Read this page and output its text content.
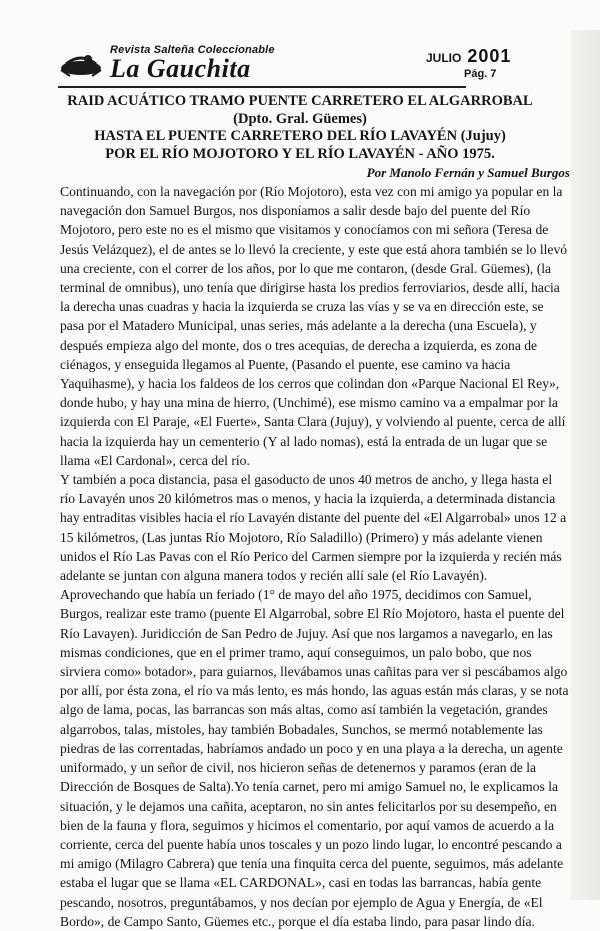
Revista Salteña Coleccionable
La Gauchita	JULIO 2001
Pág. 7
RAID ACUÁTICO TRAMO PUENTE CARRETERO EL ALGARROBAL
(Dpto. Gral. Güemes)
HASTA EL PUENTE CARRETERO DEL RÍO LAVAYÉN (Jujuy)
POR EL RÍO MOJOTORO Y EL RÍO LAVAYÉN - AÑO 1975.
Por Manolo Fernán y Samuel Burgos

Continuando, con la navegación por (Río Mojotoro), esta vez con mi amigo ya popular en la navegación don Samuel Burgos, nos disponíamos a salir desde bajo del puente del Río Mojotoro, pero este no es el mismo que visitamos y conocíamos con mi señora (Teresa de Jesús Velázquez), el de antes se lo llevó la creciente, y este que está ahora también se lo llevó una creciente, con el correr de los años, por lo que me contaron, (desde Gral. Güemes), (la terminal de omnibus), uno tenía que dirigirse hasta los predios ferroviarios, desde allí, hacia la derecha unas cuadras y hacia la izquierda se cruza las vías y se va en dirección este, se pasa por el Matadero Municipal, unas series, más adelante a la derecha (una Escuela), y después empieza algo del monte, dos o tres acequias, de derecha a izquierda, es zona de ciénagos, y enseguida llegamos al Puente, (Pasando el puente, ese camino va hacia Yaquihasme), y hacia los faldeos de los cerros que colindan don «Parque Nacional El Rey», donde hubo, y hay una mina de hierro, (Unchimé), ese mismo camino va a empalmar por la izquierda con El Paraje, «El Fuerte», Santa Clara (Jujuy), y volviendo al puente, cerca de allí hacia la izquierda hay un cementerio (Y al lado nomas), está la entrada de un lugar que se llama «El Cardonal», cerca del río.

Y también a poca distancia, pasa el gasoducto de unos 40 metros de ancho, y llega hasta el río Lavayén unos 20 kilómetros mas o menos, y hacia la izquierda, a determinada distancia hay entraditas visibles hacia el río Lavayén distante del puente del «El Algarrobal» unos 12 a 15 kilómetros, (Las juntas Río Mojotoro, Río Saladillo) (Primero) y más adelante vienen unidos el Río Las Pavas con el Río Perico del Carmen siempre por la izquierda y recién más adelante se juntan con alguna manera todos y recién allí sale (el Río Lavayén).

Aprovechando que había un feriado (1° de mayo del año 1975, decidimos con Samuel, Burgos, realizar este tramo (puente El Algarrobal, sobre El Río Mojotoro, hasta el puente del Río Lavayen). Juridicción de San Pedro de Jujuy. Así que nos largamos a navegarlo, en las mismas condiciones, que en el primer tramo, aquí conseguimos, un palo bobo, que nos sirviera como» botador», para guiarnos, llevábamos unas cañitas para ver si pescábamos algo por allí, por ésta zona, el río va más lento, es más hondo, las aguas están más claras, y se nota algo de lama, pocas, las barrancas son más altas, como así también la vegetación, grandes algarrobos, talas, mistoles, hay también Bobadales, Sunchos, se mermó notablemente las piedras de las correntadas, habríamos andado un poco y en una playa a la derecha, un agente uniformado, y un señor de civil, nos hicieron señas de detenernos y paramos (eran de la Dirección de Bosques de Salta).Yo tenía carnet, pero mi amigo Samuel no, le explicamos la situación, y le dejamos una cañita, aceptaron, no sin antes felicitarlos por su desempeño, en bien de la fauna y flora, seguimos y hicimos el comentario, por aquí vamos de acuerdo a la corriente, cerca del puente había unos toscales y un pozo lindo lugar, lo encontré pescando a mi amigo (Milagro Cabrera) que tenía una finquita cerca del puente, seguimos, más adelante estaba el lugar que se llama «EL CARDONAL», casi en todas las barrancas, había gente pescando, nosotros, preguntábamos, y nos decían por ejemplo de Agua y Energía, de «El Bordo», de Campo Santo, Güemes etc., porque el día estaba lindo, para pasar lindo día.
